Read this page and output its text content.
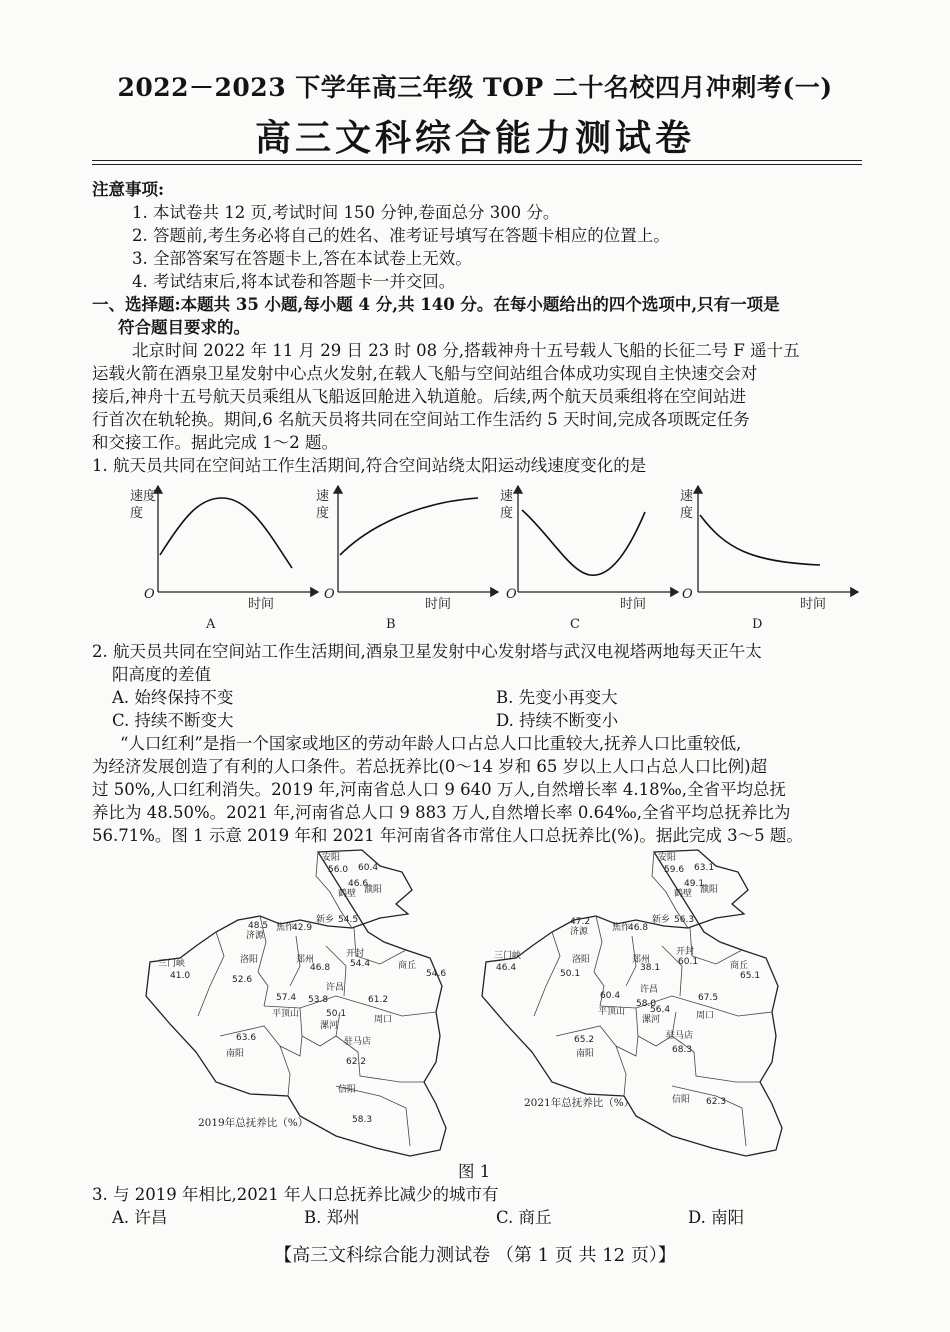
2022－2023 下学年高三年级 TOP 二十名校四月冲刺考(一)
高三文科综合能力测试卷
注意事项:
1. 本试卷共 12 页,考试时间 150 分钟,卷面总分 300 分。
2. 答题前,考生务必将自己的姓名、准考证号填写在答题卡相应的位置上。
3. 全部答案写在答题卡上,答在本试卷上无效。
4. 考试结束后,将本试卷和答题卡一并交回。
一、选择题:本题共 35 小题,每小题 4 分,共 140 分。在每小题给出的四个选项中,只有一项是
符合题目要求的。
北京时间 2022 年 11 月 29 日 23 时 08 分,搭载神舟十五号载人飞船的长征二号 F 遥十五
运载火箭在酒泉卫星发射中心点火发射,在载人飞船与空间站组合体成功实现自主快速交会对
接后,神舟十五号航天员乘组从飞船返回舱进入轨道舱。后续,两个航天员乘组将在空间站进
行首次在轨轮换。期间,6 名航天员将共同在空间站工作生活约 5 天时间,完成各项既定任务
和交接工作。据此完成 1～2 题。
1. 航天员共同在空间站工作生活期间,符合空间站绕太阳运动线速度变化的是
速度
度
O
时间
A
速
度
O
时间
B
速
度
O
时间
C
速
度
O
时间
D
2. 航天员共同在空间站工作生活期间,酒泉卫星发射中心发射塔与武汉电视塔两地每天正午太
阳高度的差值
A. 始终保持不变	B. 先变小再变大
C. 持续不断变大	D. 持续不断变小
“人口红利”是指一个国家或地区的劳动年龄人口占总人口比重较大,抚养人口比重较低,
为经济发展创造了有利的人口条件。若总抚养比(0～14 岁和 65 岁以上人口占总人口比例)超
过 50%,人口红利消失。2019 年,河南省总人口 9 640 万人,自然增长率 4.18‰,全省平均总抚
养比为 48.50%。2021 年,河南省总人口 9 883 万人,自然增长率 0.64‰,全省平均总抚养比为
56.71%。图 1 示意 2019 年和 2021 年河南省各市常住人口总抚养比(%)。据此完成 3～5 题。
安阳
56.0 60.4
46.6
鹤壁 濮阳
新乡 54.5
焦作
42.9
48.5
济源
三门峡
41.0
洛阳
52.6
郑州
46.8
开封
54.4	商丘
54.6
许昌
53.8
平顶山
57.4
漯河
50.1
周口
61.2
南阳
63.6	驻马店
62.2
信阳
58.3
2019年总抚养比（%）
安阳
59.6 63.1
49.1
鹤壁 濮阳
新乡 56.3
焦作
46.8
47.2
济源
三门峡
46.4
洛阳
50.1
郑州
38.1
开封
60.1	商丘
65.1
许昌
58.0
平顶山
60.4
漯河
56.4
周口
67.5
南阳
65.2	驻马店
68.3
信阳 62.3
2021年总抚养比（%）
图 1
3. 与 2019 年相比,2021 年人口总抚养比减少的城市有
A. 许昌	B. 郑州	C. 商丘	D. 南阳
【高三文科综合能力测试卷 （第 1 页 共 12 页）】
